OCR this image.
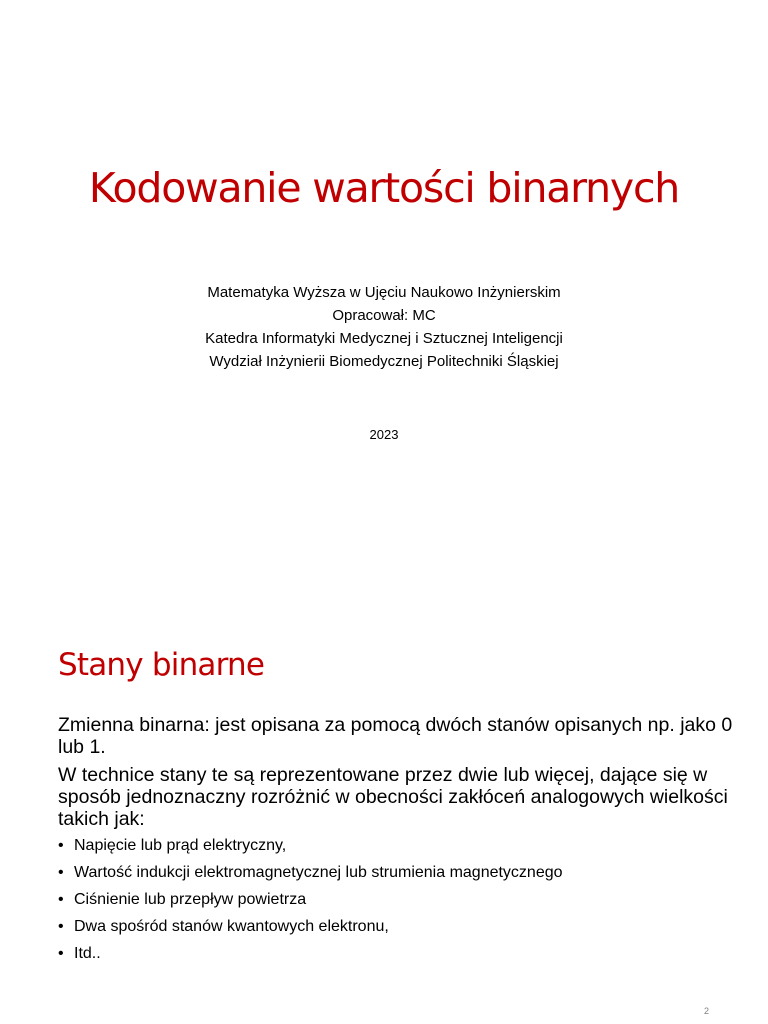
Kodowanie wartości binarnych
Matematyka Wyższa w Ujęciu Naukowo Inżynierskim
Opracował: MC
Katedra Informatyki Medycznej i Sztucznej Inteligencji
Wydział Inżynierii Biomedycznej Politechniki Śląskiej
2023
Stany binarne
Zmienna binarna: jest opisana za pomocą dwóch stanów opisanych np. jako 0 lub 1.
W technice stany te są reprezentowane przez dwie lub więcej, dające się w sposób jednoznaczny rozróżnić w obecności zakłóceń analogowych wielkości takich jak:
• Napięcie lub prąd elektryczny,
• Wartość indukcji elektromagnetycznej lub strumienia magnetycznego
• Ciśnienie lub przepływ powietrza
• Dwa spośród stanów kwantowych elektronu,
• Itd..
2
